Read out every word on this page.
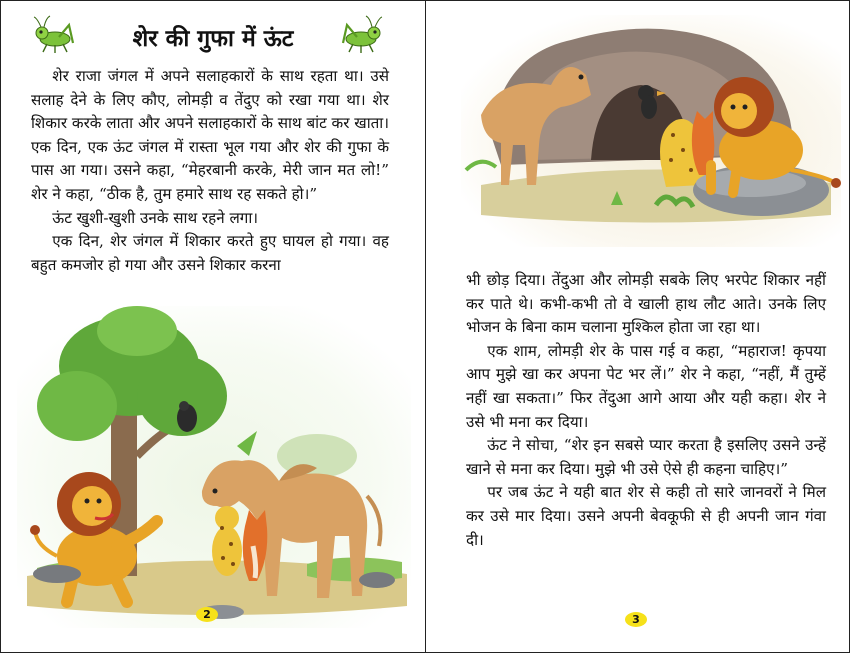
शेर की गुफा में ऊंट

शेर राजा जंगल में अपने सलाहकारों के साथ रहता था। उसे सलाह देने के लिए कौए, लोमड़ी व तेंदुए को रखा गया था। शेर शिकार करके लाता और अपने सलाहकारों के साथ बांट कर खाता। एक दिन, एक ऊंट जंगल में रास्ता भूल गया और शेर की गुफा के पास आ गया। उसने कहा, “मेहरबानी करके, मेरी जान मत लो!” शेर ने कहा, “ठीक है, तुम हमारे साथ रह सकते हो।”

ऊंट खुशी-खुशी उनके साथ रहने लगा।

एक दिन, शेर जंगल में शिकार करते हुए घायल हो गया। वह बहुत कमजोर हो गया और उसने शिकार करना

2

भी छोड़ दिया। तेंदुआ और लोमड़ी सबके लिए भरपेट शिकार नहीं कर पाते थे। कभी-कभी तो वे खाली हाथ लौट आते। उनके लिए भोजन के बिना काम चलाना मुश्किल होता जा रहा था।

एक शाम, लोमड़ी शेर के पास गई व कहा, “महाराज! कृपया आप मुझे खा कर अपना पेट भर लें।” शेर ने कहा, “नहीं, मैं तुम्हें नहीं खा सकता।” फिर तेंदुआ आगे आया और यही कहा। शेर ने उसे भी मना कर दिया।

ऊंट ने सोचा, “शेर इन सबसे प्यार करता है इसलिए उसने उन्हें खाने से मना कर दिया। मुझे भी उसे ऐसे ही कहना चाहिए।”

पर जब ऊंट ने यही बात शेर से कही तो सारे जानवरों ने मिल कर उसे मार दिया। उसने अपनी बेवकूफी से ही अपनी जान गंवा दी।

3
